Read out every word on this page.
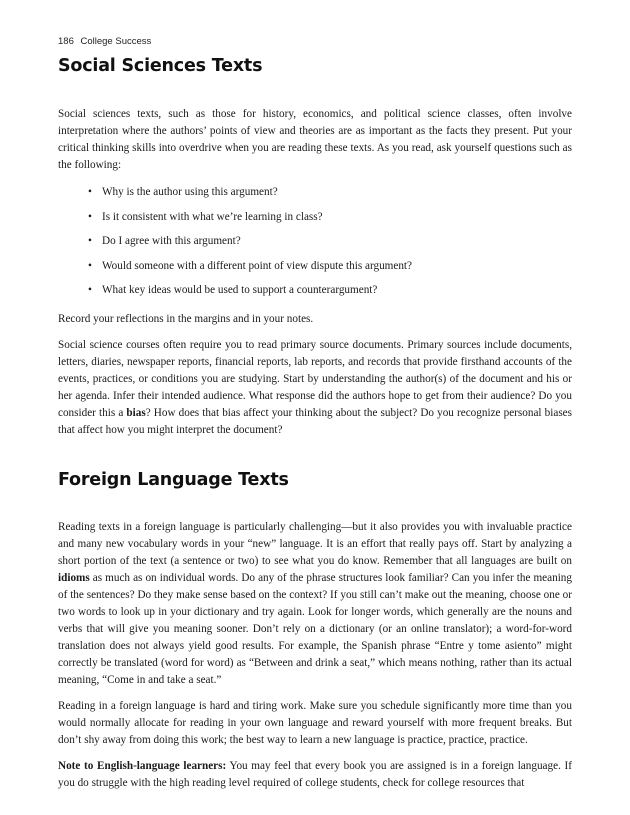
186 College Success
Social Sciences Texts

Social sciences texts, such as those for history, economics, and political science classes, often involve interpretation where the authors’ points of view and theories are as important as the facts they present. Put your critical thinking skills into overdrive when you are reading these texts. As you read, ask yourself questions such as the following:

• Why is the author using this argument?
• Is it consistent with what we’re learning in class?
• Do I agree with this argument?
• Would someone with a different point of view dispute this argument?
• What key ideas would be used to support a counterargument?

Record your reflections in the margins and in your notes.

Social science courses often require you to read primary source documents. Primary sources include documents, letters, diaries, newspaper reports, financial reports, lab reports, and records that provide firsthand accounts of the events, practices, or conditions you are studying. Start by understanding the author(s) of the document and his or her agenda. Infer their intended audience. What response did the authors hope to get from their audience? Do you consider this a bias? How does that bias affect your thinking about the subject? Do you recognize personal biases that affect how you might interpret the document?

Foreign Language Texts

Reading texts in a foreign language is particularly challenging—but it also provides you with invaluable practice and many new vocabulary words in your “new” language. It is an effort that really pays off. Start by analyzing a short portion of the text (a sentence or two) to see what you do know. Remember that all languages are built on idioms as much as on individual words. Do any of the phrase structures look familiar? Can you infer the meaning of the sentences? Do they make sense based on the context? If you still can’t make out the meaning, choose one or two words to look up in your dictionary and try again. Look for longer words, which generally are the nouns and verbs that will give you meaning sooner. Don’t rely on a dictionary (or an online translator); a word-for-word translation does not always yield good results. For example, the Spanish phrase “Entre y tome asiento” might correctly be translated (word for word) as “Between and drink a seat,” which means nothing, rather than its actual meaning, “Come in and take a seat.”

Reading in a foreign language is hard and tiring work. Make sure you schedule significantly more time than you would normally allocate for reading in your own language and reward yourself with more frequent breaks. But don’t shy away from doing this work; the best way to learn a new language is practice, practice, practice.

Note to English-language learners: You may feel that every book you are assigned is in a foreign language. If you do struggle with the high reading level required of college students, check for college resources that
